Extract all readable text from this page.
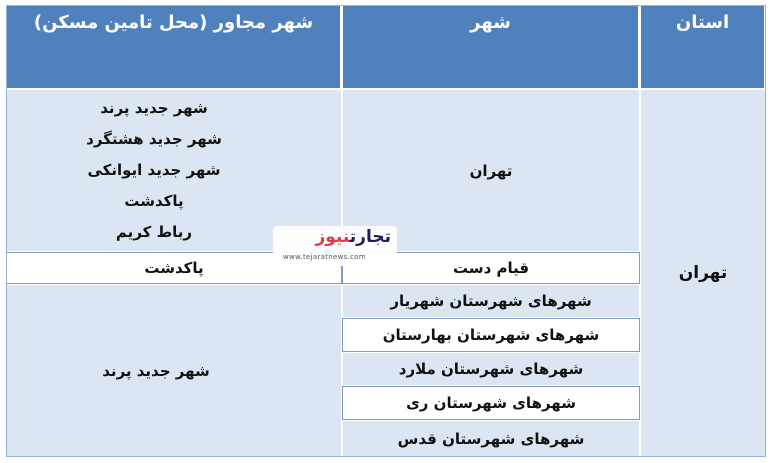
استان
شهر
شهر مجاور (محل تامین مسکن)
تهران
تهران
شهر جدید پرند
شهر جدید هشتگرد
شهر جدید ایوانکی
پاکدشت
رباط کریم
قیام دست
پاکدشت
شهرهای شهرستان شهریار
شهرهای شهرستان بهارستان
شهرهای شهرستان ملارد
شهرهای شهرستان ری
شهرهای شهرستان قدس
شهر جدید پرند
تجارتنیوز
www.tejaratnews.com
